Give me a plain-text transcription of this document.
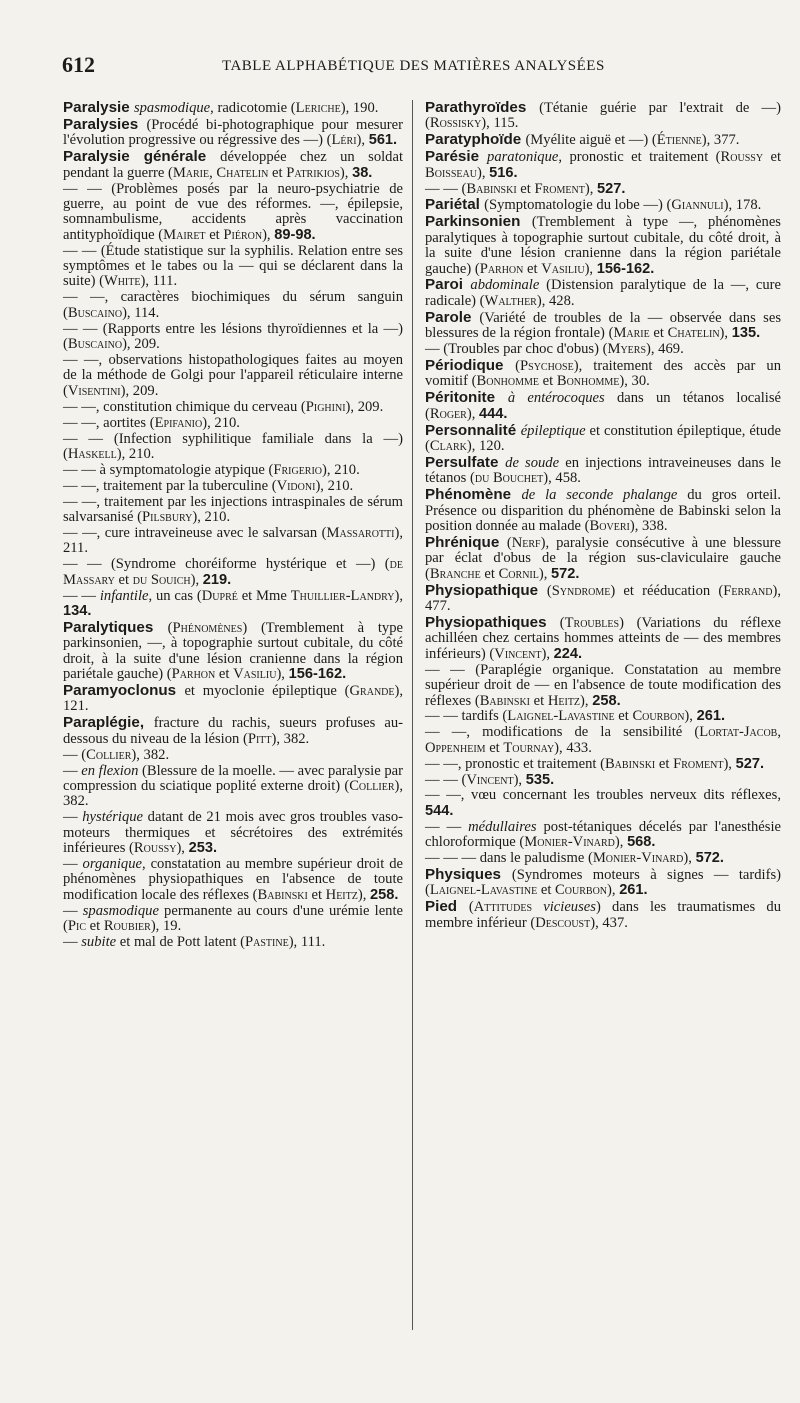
612	TABLE ALPHABÉTIQUE DES MATIÈRES ANALYSÉES

Paralysie spasmodique, radicotomie (Leriche), 190.

Paralysies (Procédé bi-photographique pour mesurer l'évolution progressive ou régressive des —) (Léri), 561.

Paralysie générale développée chez un soldat pendant la guerre (Marie, Chatelin et Patrikios), 38.

— — (Problèmes posés par la neuro-psychiatrie de guerre, au point de vue des réformes. —, épilepsie, somnambulisme, accidents après vaccination antityphoïdique (Mairet et Piéron), 89-98.

— — (Étude statistique sur la syphilis. Relation entre ses symptômes et le tabes ou la — qui se déclarent dans la suite) (White), 111.

— —, caractères biochimiques du sérum sanguin (Buscaino), 114.

— — (Rapports entre les lésions thyroïdiennes et la —) (Buscaino), 209.

— —, observations histopathologiques faites au moyen de la méthode de Golgi pour l'appareil réticulaire interne (Visentini), 209.

— —, constitution chimique du cerveau (Pighini), 209.

— —, aortites (Epifanio), 210.

— — (Infection syphilitique familiale dans la —) (Haskell), 210.

— — à symptomatologie atypique (Frigerio), 210.

— —, traitement par la tuberculine (Vidoni), 210.

— —, traitement par les injections intraspinales de sérum salvarsanisé (Pilsbury), 210.

— —, cure intraveineuse avec le salvarsan (Massarotti), 211.

— — (Syndrome choréiforme hystérique et —) (de Massary et du Souich), 219.

— — infantile, un cas (Dupré et Mme Thuillier-Landry), 134.

Paralytiques (Phénomènes) (Tremblement à type parkinsonien, —, à topographie surtout cubitale, du côté droit, à la suite d'une lésion cranienne dans la région pariétale gauche) (Parhon et Vasiliu), 156-162.

Paramyoclonus et myoclonie épileptique (Grande), 121.

Paraplégie, fracture du rachis, sueurs profuses au-dessous du niveau de la lésion (Pitt), 382.

— (Collier), 382.

— en flexion (Blessure de la moelle. — avec paralysie par compression du sciatique poplité externe droit) (Collier), 382.

— hystérique datant de 21 mois avec gros troubles vaso-moteurs thermiques et sécrétoires des extrémités inférieures (Roussy), 253.

— organique, constatation au membre supérieur droit de phénomènes physiopathiques en l'absence de toute modification locale des réflexes (Babinski et Heitz), 258.

— spasmodique permanente au cours d'une urémie lente (Pic et Roubier), 19.

— subite et mal de Pott latent (Pastine), 111.

Parathyroïdes (Tétanie guérie par l'extrait de —) (Rossisky), 115.

Paratyphoïde (Myélite aiguë et —) (Étienne), 377.

Parésie paratonique, pronostic et traitement (Roussy et Boisseau), 516.

— — (Babinski et Froment), 527.

Pariétal (Symptomatologie du lobe —) (Giannuli), 178.

Parkinsonien (Tremblement à type —, phénomènes paralytiques à topographie surtout cubitale, du côté droit, à la suite d'une lésion cranienne dans la région pariétale gauche) (Parhon et Vasiliu), 156-162.

Paroi abdominale (Distension paralytique de la —, cure radicale) (Walther), 428.

Parole (Variété de troubles de la — observée dans ses blessures de la région frontale) (Marie et Chatelin), 135.

— (Troubles par choc d'obus) (Myers), 469.

Périodique (Psychose), traitement des accès par un vomitif (Bonhomme et Bonhomme), 30.

Péritonite à entérocoques dans un tétanos localisé (Roger), 444.

Personnalité épileptique et constitution épileptique, étude (Clark), 120.

Persulfate de soude en injections intraveineuses dans le tétanos (du Bouchet), 458.

Phénomène de la seconde phalange du gros orteil. Présence ou disparition du phénomène de Babinski selon la position donnée au malade (Boveri), 338.

Phrénique (Nerf), paralysie consécutive à une blessure par éclat d'obus de la région sus-claviculaire gauche (Branche et Cornil), 572.

Physiopathique (Syndrome) et rééducation (Ferrand), 477.

Physiopathiques (Troubles) (Variations du réflexe achilléen chez certains hommes atteints de — des membres inférieurs) (Vincent), 224.

— — (Paraplégie organique. Constatation au membre supérieur droit de — en l'absence de toute modification des réflexes (Babinski et Heitz), 258.

— — tardifs (Laignel-Lavastine et Courbon), 261.

— —, modifications de la sensibilité (Lortat-Jacob, Oppenheim et Tournay), 433.

— —, pronostic et traitement (Babinski et Froment), 527.

— — (Vincent), 535.

— —, vœu concernant les troubles nerveux dits réflexes, 544.

— — médullaires post-tétaniques décelés par l'anesthésie chloroformique (Monier-Vinard), 568.

— — — dans le paludisme (Monier-Vinard), 572.

Physiques (Syndromes moteurs à signes — tardifs) (Laignel-Lavastine et Courbon), 261.

Pied (Attitudes vicieuses) dans les traumatismes du membre inférieur (Descoust), 437.
